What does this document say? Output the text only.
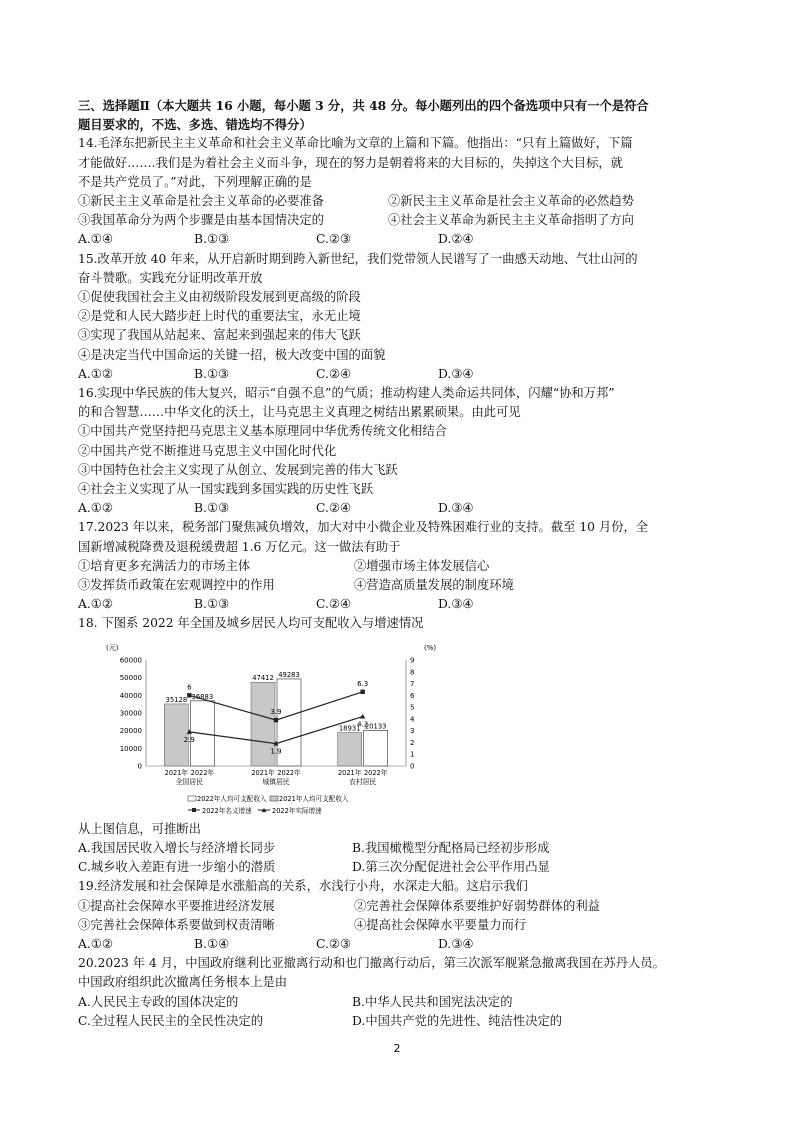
三、选择题Ⅱ（本大题共 16 小题，每小题 3 分，共 48 分。每小题列出的四个备选项中只有一个是符合
题目要求的，不选、多选、错选均不得分）
14.毛泽东把新民主主义革命和社会主义革命比喻为文章的上篇和下篇。他指出：“只有上篇做好，下篇
才能做好.……我们是为着社会主义而斗争，现在的努力是朝着将来的大目标的，失掉这个大目标，就
不是共产党员了。”对此，下列理解正确的是
①新民主主义革命是社会主义革命的必要准备	②新民主主义革命是社会主义革命的必然趋势
③我国革命分为两个步骤是由基本国情决定的	④社会主义革命为新民主主义革命指明了方向
A.①④	B.①③	C.②③	D.②④
15.改革开放 40 年来，从开启新时期到跨入新世纪，我们党带领人民谱写了一曲感天动地、气壮山河的
奋斗赞歌。实践充分证明改革开放
①促使我国社会主义由初级阶段发展到更高级的阶段
②是党和人民大踏步赶上时代的重要法宝，永无止境
③实现了我国从站起来、富起来到强起来的伟大飞跃
④是决定当代中国命运的关键一招，极大改变中国的面貌
A.①②	B.①③	C.②④	D.③④
16.实现中华民族的伟大复兴，昭示“自强不息”的气质；推动构建人类命运共同体，闪耀“协和万邦”
的和合智慧……中华文化的沃土，让马克思主义真理之树结出累累硕果。由此可见
①中国共产党坚持把马克思主义基本原理同中华优秀传统文化相结合
②中国共产党不断推进马克思主义中国化时代化
③中国特色社会主义实现了从创立、发展到完善的伟大飞跃
④社会主义实现了从一国实践到多国实践的历史性飞跃
A.①②	B.①③	C.②④	D.③④
17.2023 年以来，税务部门聚焦减负增效，加大对中小微企业及特殊困难行业的支持。截至 10 月份，全
国新增减税降费及退税缓费超 1.6 万亿元。这一做法有助于
①培育更多充满活力的市场主体	②增强市场主体发展信心
③发挥货币政策在宏观调控中的作用	④营造高质量发展的制度环境
A.①②	B.①③	C.②④	D.③④
18. 下图系 2022 年全国及城乡居民人均可支配收入与增速情况
(元)	(%)
60000
50000
40000
30000
20000
10000
0
9
8
7
6
5
4
3
2
1
0
35128 36883
2021年 2022年
全国居民
47412 49283
2021年 2022年
城镇居民
18931 20133
2021年 2022年
农村居民
6
3.9
6.3
2.9
1.9
4.2
2022年人均可支配收入 2021年人均可支配收入
2022年名义增速	2022年实际增速
从上图信息，可推断出
A.我国居民收入增长与经济增长同步	B.我国橄榄型分配格局已经初步形成
C.城乡收入差距有进一步缩小的潜质	D.第三次分配促进社会公平作用凸显
19.经济发展和社会保障是水涨船高的关系，水浅行小舟，水深走大船。这启示我们
①提高社会保障水平要推进经济发展	②完善社会保障体系要维护好弱势群体的利益
③完善社会保障体系要做到权责清晰	④提高社会保障水平要量力而行
A.①②	B.①④	C.②③	D.③④
20.2023 年 4 月，中国政府继利比亚撤离行动和也门撤离行动后，第三次派军舰紧急撤离我国在苏丹人员。
中国政府组织此次撤离任务根本上是由
A.人民民主专政的国体决定的	B.中华人民共和国宪法决定的
C.全过程人民民主的全民性决定的	D.中国共产党的先进性、纯洁性决定的
2
